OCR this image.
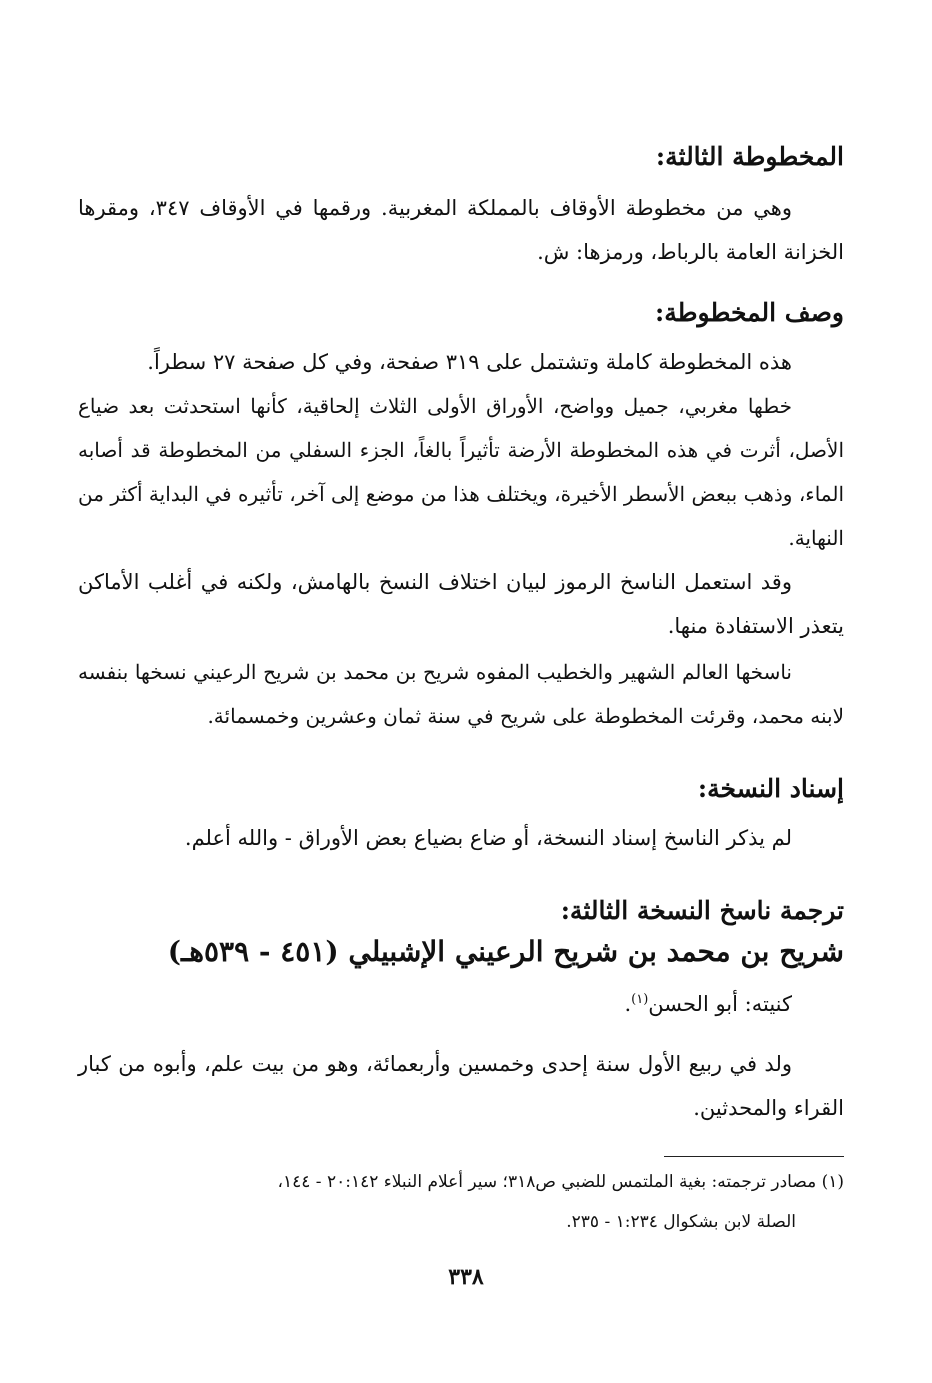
المخطوطة الثالثة:

وهي من مخطوطة الأوقاف بالمملكة المغربية. ورقمها في الأوقاف ٣٤٧، ومقرها الخزانة العامة بالرباط، ورمزها: ش.

وصف المخطوطة:

هذه المخطوطة كاملة وتشتمل على ٣١٩ صفحة، وفي كل صفحة ٢٧ سطراً.

خطها مغربي، جميل وواضح، الأوراق الأولى الثلاث إلحاقية، كأنها استحدثت بعد ضياع الأصل، أثرت في هذه المخطوطة الأرضة تأثيراً بالغاً، الجزء السفلي من المخطوطة قد أصابه الماء، وذهب ببعض الأسطر الأخيرة، ويختلف هذا من موضع إلى آخر، تأثيره في البداية أكثر من النهاية.

وقد استعمل الناسخ الرموز لبيان اختلاف النسخ بالهامش، ولكنه في أغلب الأماكن يتعذر الاستفادة منها.

ناسخها العالم الشهير والخطيب المفوه شريح بن محمد بن شريح الرعيني نسخها بنفسه لابنه محمد، وقرئت المخطوطة على شريح في سنة ثمان وعشرين وخمسمائة.

إسناد النسخة:

لم يذكر الناسخ إسناد النسخة، أو ضاع بضياع بعض الأوراق - والله أعلم.

ترجمة ناسخ النسخة الثالثة:
شريح بن محمد بن شريح الرعيني الإشبيلي (٤٥١ - ٥٣٩هـ)

كنيته: أبو الحسن$^{(١)}$.

ولد في ربيع الأول سنة إحدى وخمسين وأربعمائة، وهو من بيت علم، وأبوه من كبار القراء والمحدثين.

(١) مصادر ترجمته: بغية الملتمس للضبي ص٣١٨؛ سير أعلام النبلاء ٢٠:١٤٢ - ١٤٤،
الصلة لابن بشكوال ١:٢٣٤ - ٢٣٥.
٣٣٨
